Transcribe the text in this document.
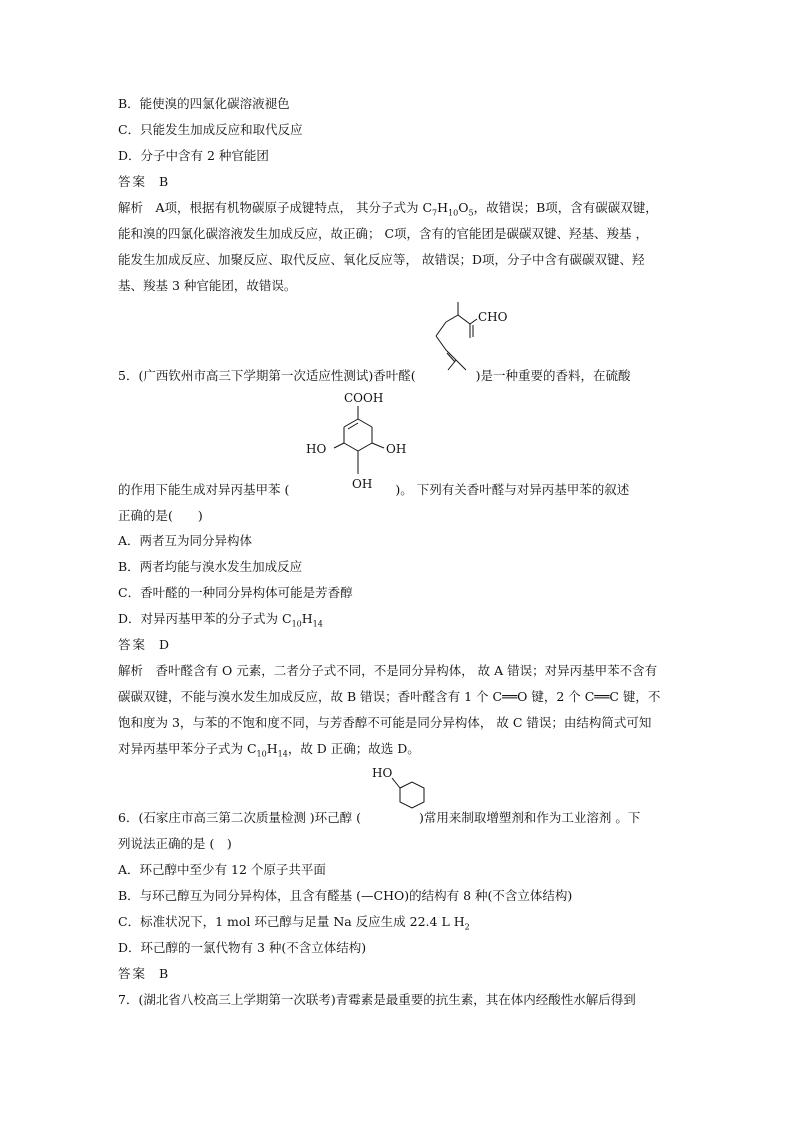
B．能使溴的四氯化碳溶液褪色
C．只能发生加成反应和取代反应
D．分子中含有 2 种官能团
答案 B
解析　A项，根据有机物碳原子成键特点， 其分子式为 $C_7H_{10}O_5$，故错误；B项，含有碳碳双键，
能和溴的四氯化碳溶液发生加成反应，故正确； C项，含有的官能团是碳碳双键、羟基、羧基 ，
能发生加成反应、加聚反应、取代反应、氧化反应等， 故错误；D项，分子中含有碳碳双键、羟
基、羧基 3 种官能团，故错误。
CHO
5．(广西钦州市高三下学期第一次适应性测试)香叶醛(	)是一种重要的香料，在硫酸
COOH
HO	OH
OH
的作用下能生成对异丙基甲苯 (	)。 下列有关香叶醛与对异丙基甲苯的叙述
正确的是(　　)
A．两者互为同分异构体
B．两者均能与溴水发生加成反应
C．香叶醛的一种同分异构体可能是芳香醇
D．对异丙基甲苯的分子式为 $C_{10}H_{14}$
答案 D
解析　香叶醛含有 O 元素，二者分子式不同，不是同分异构体， 故 A 错误；对异丙基甲苯不含有
碳碳双键，不能与溴水发生加成反应，故 B 错误；香叶醛含有 1 个 C══O 键，2 个 C══C 键，不
饱和度为 3，与苯的不饱和度不同，与芳香醇不可能是同分异构体， 故 C 错误；由结构简式可知
对异丙基甲苯分子式为 $C_{10}H_{14}$，故 D 正确；故选 D。
HO
6．(石家庄市高三第二次质量检测 )环己醇 (	)常用来制取增塑剂和作为工业溶剂 。下
列说法正确的是 (　)
A．环己醇中至少有 12 个原子共平面
B．与环己醇互为同分异构体，且含有醛基 (—CHO)的结构有 8 种(不含立体结构)
C．标准状况下，1 mol 环己醇与足量 Na 反应生成 22.4 L $H_2$
D．环己醇的一氯代物有 3 种(不含立体结构)
答案 B
7．(湖北省八校高三上学期第一次联考)青霉素是最重要的抗生素，其在体内经酸性水解后得到
